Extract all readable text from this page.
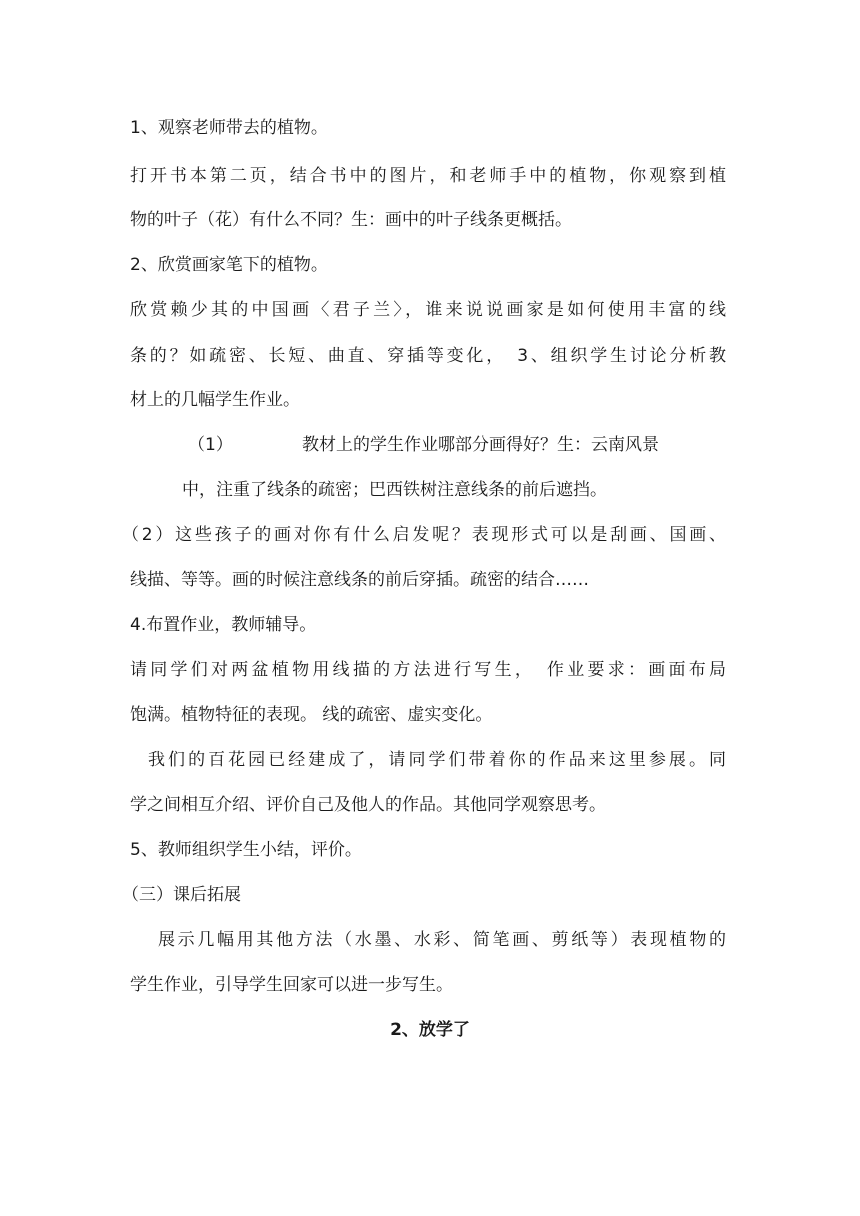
1、观察老师带去的植物。
打开书本第二页，结合书中的图片，和老师手中的植物，你观察到植
物的叶子（花）有什么不同？生：画中的叶子线条更概括。
2、欣赏画家笔下的植物。
欣赏赖少其的中国画〈君子兰〉，谁来说说画家是如何使用丰富的线
条的？如疏密、长短、曲直、穿插等变化，　3、组织学生讨论分析教
材上的几幅学生作业。
（1）	教材上的学生作业哪部分画得好？生：云南风景
中，注重了线条的疏密；巴西铁树注意线条的前后遮挡。
（2）这些孩子的画对你有什么启发呢？表现形式可以是刮画、国画、
线描、等等。画的时候注意线条的前后穿插。疏密的结合……
4.布置作业，教师辅导。
请同学们对两盆植物用线描的方法进行写生，　作业要求：画面布局
饱满。植物特征的表现。 线的疏密、虚实变化。
我们的百花园已经建成了，请同学们带着你的作品来这里参展。同
学之间相互介绍、评价自己及他人的作品。其他同学观察思考。
5、教师组织学生小结，评价。
（三）课后拓展
展示几幅用其他方法（水墨、水彩、简笔画、剪纸等）表现植物的
学生作业，引导学生回家可以进一步写生。
2、放学了
